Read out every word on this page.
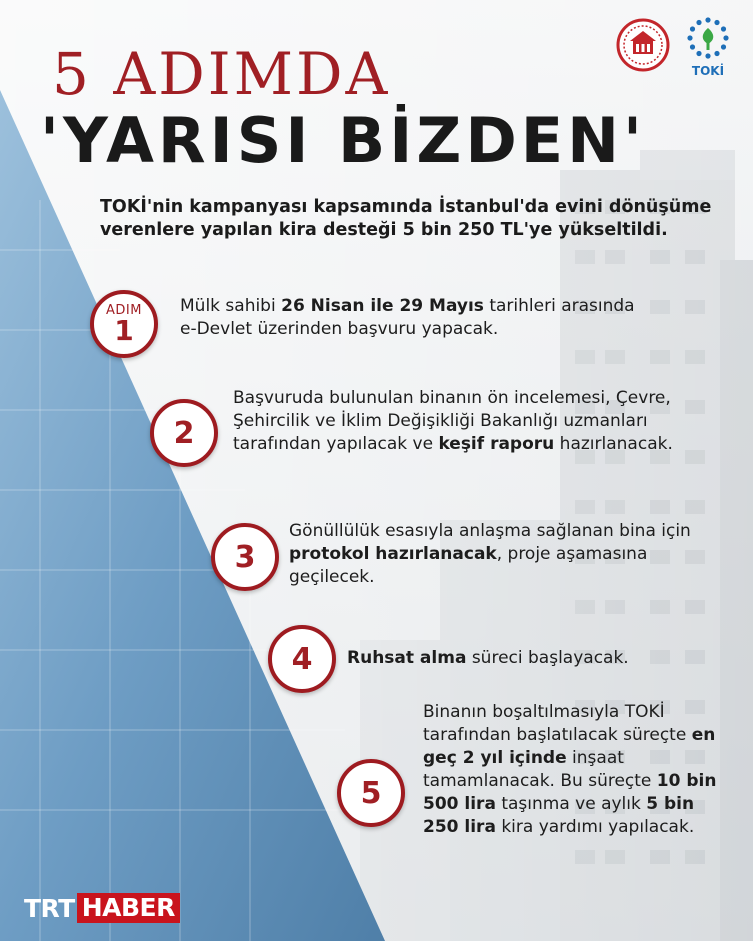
TOKİ
5 ADIMDA
'YARISI BİZDEN'

TOKİ'nin kampanyası kapsamında İstanbul'da evini dönüşüme verenlere yapılan kira desteği 5 bin 250 TL'ye yükseltildi.

ADIM
1

Mülk sahibi 26 Nisan ile 29 Mayıs tarihleri arasında e-Devlet üzerinden başvuru yapacak.

2

Başvuruda bulunulan binanın ön incelemesi, Çevre, Şehircilik ve İklim Değişikliği Bakanlığı uzmanları tarafından yapılacak ve keşif raporu hazırlanacak.

3

Gönüllülük esasıyla anlaşma sağlanan bina için protokol hazırlanacak, proje aşamasına geçilecek.

4 Ruhsat alma süreci başlayacak.

5

Binanın boşaltılmasıyla TOKİ tarafından başlatılacak süreçte en geç 2 yıl içinde inşaat tamamlanacak. Bu süreçte 10 bin 500 lira taşınma ve aylık 5 bin 250 lira kira yardımı yapılacak.

TRT HABER
